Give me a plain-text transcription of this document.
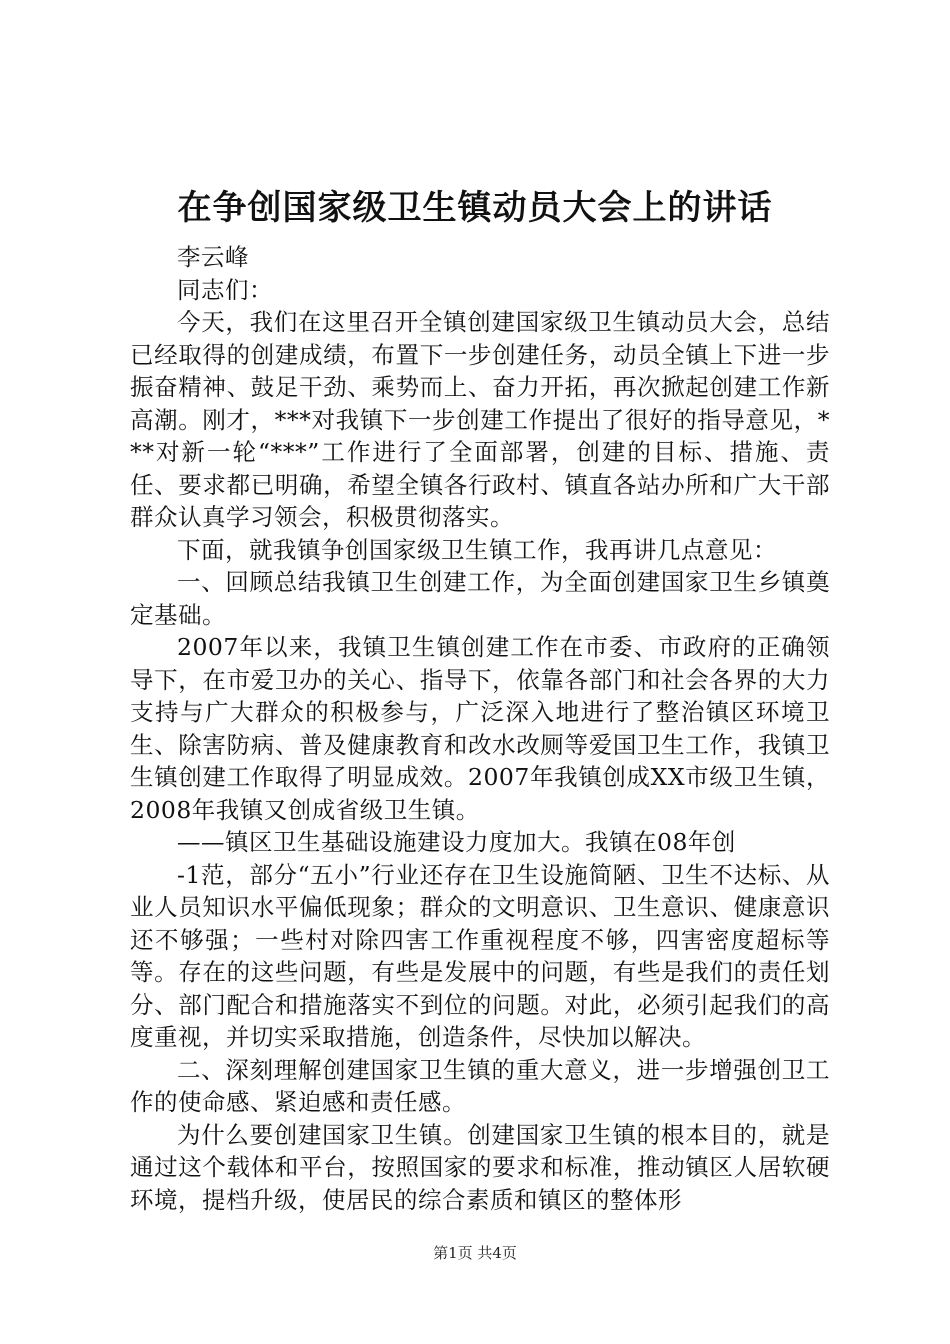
在争创国家级卫生镇动员大会上的讲话

李云峰

同志们：

今天，我们在这里召开全镇创建国家级卫生镇动员大会，总结已经取得的创建成绩，布置下一步创建任务，动员全镇上下进一步振奋精神、鼓足干劲、乘势而上、奋力开拓，再次掀起创建工作新高潮。刚才，***对我镇下一步创建工作提出了很好的指导意见，***对新一轮“***”工作进行了全面部署，创建的目标、措施、责任、要求都已明确，希望全镇各行政村、镇直各站办所和广大干部群众认真学习领会，积极贯彻落实。

下面，就我镇争创国家级卫生镇工作，我再讲几点意见：

一、回顾总结我镇卫生创建工作，为全面创建国家卫生乡镇奠定基础。

2007年以来，我镇卫生镇创建工作在市委、市政府的正确领导下，在市爱卫办的关心、指导下，依靠各部门和社会各界的大力支持与广大群众的积极参与，广泛深入地进行了整治镇区环境卫生、除害防病、普及健康教育和改水改厕等爱国卫生工作，我镇卫生镇创建工作取得了明显成效。2007年我镇创成XX市级卫生镇，2008年我镇又创成省级卫生镇。

——镇区卫生基础设施建设力度加大。我镇在08年创

-1范，部分“五小”行业还存在卫生设施简陋、卫生不达标、从业人员知识水平偏低现象；群众的文明意识、卫生意识、健康意识还不够强；一些村对除四害工作重视程度不够，四害密度超标等等。存在的这些问题，有些是发展中的问题，有些是我们的责任划分、部门配合和措施落实不到位的问题。对此，必须引起我们的高度重视，并切实采取措施，创造条件，尽快加以解决。

二、深刻理解创建国家卫生镇的重大意义，进一步增强创卫工作的使命感、紧迫感和责任感。

为什么要创建国家卫生镇。创建国家卫生镇的根本目的，就是通过这个载体和平台，按照国家的要求和标准，推动镇区人居软硬环境，提档升级，使居民的综合素质和镇区的整体形

第1页 共4页
